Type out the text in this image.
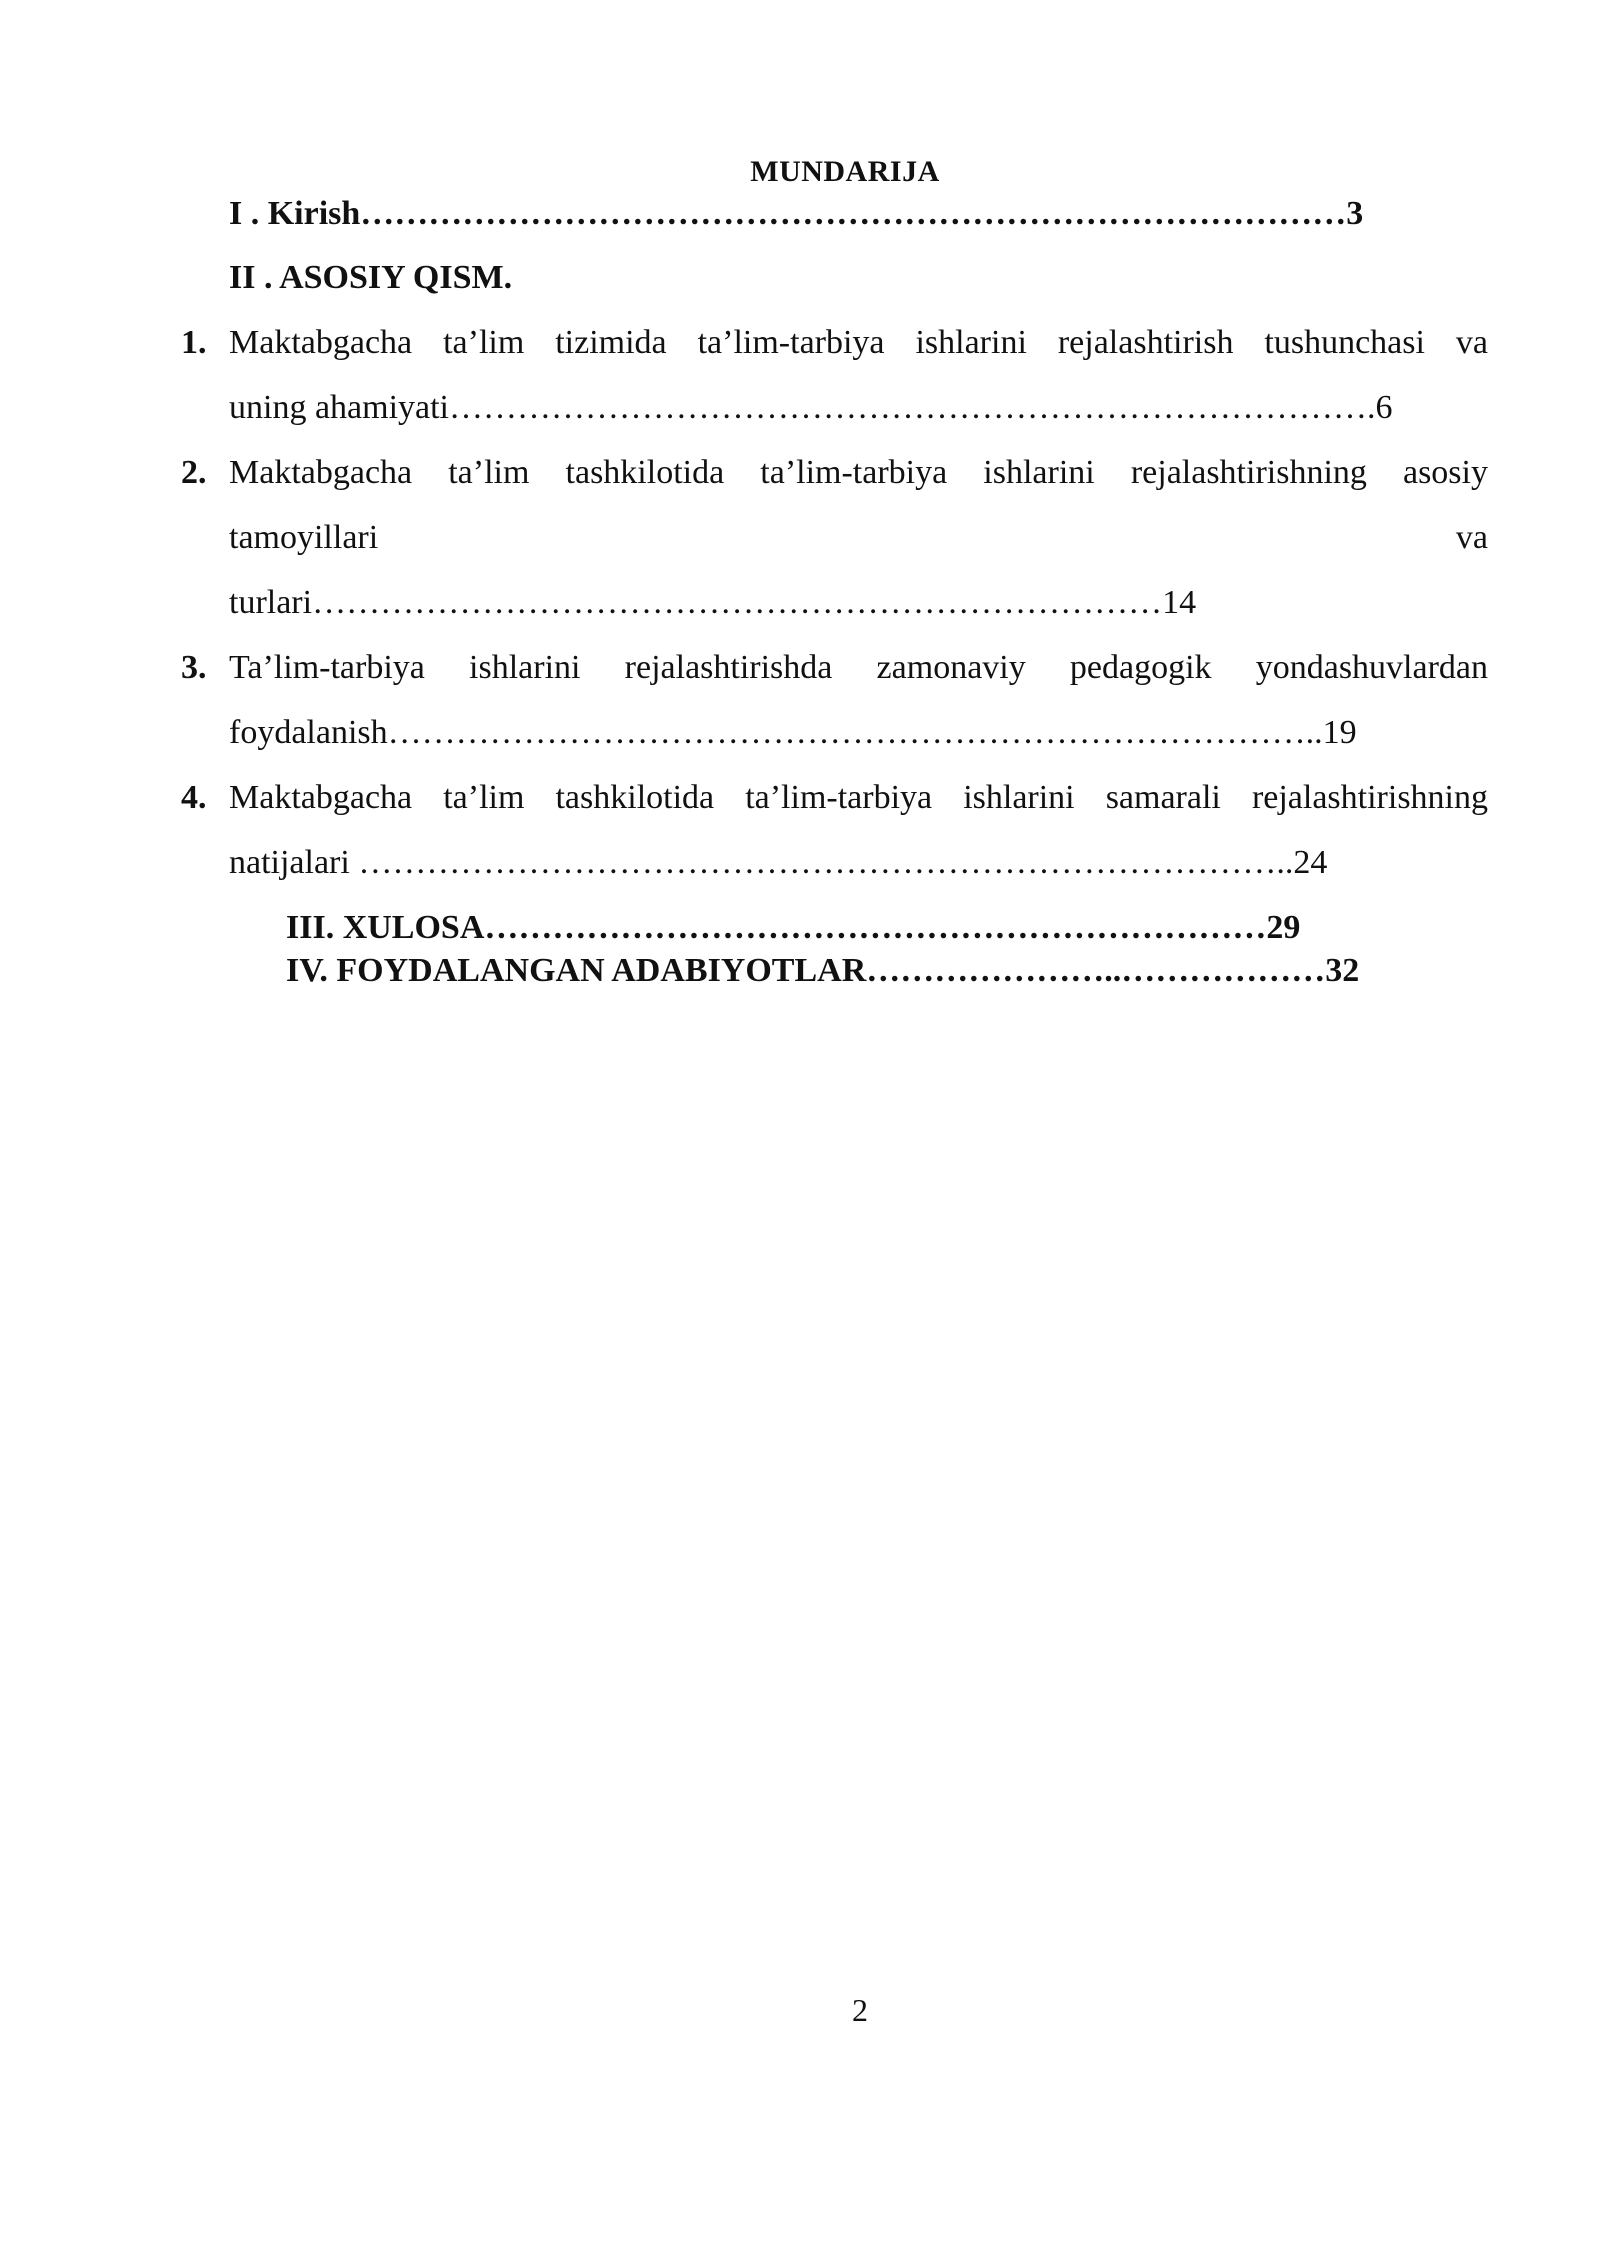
MUNDARIJA
I . Kirish……………………………………………………………………………3
II . ASOSIY QISM.
1. Maktabgacha ta’lim tizimida ta’lim-tarbiya ishlarini rejalashtirish tushunchasi va
uning ahamiyati……………………………………………………………………….6
2. Maktabgacha ta’lim tashkilotida ta’lim-tarbiya ishlarini rejalashtirishning asosiy
tamoyillari	va
turlari…………………………………………………………………14
3. Ta’lim-tarbiya ishlarini rejalashtirishda zamonaviy pedagogik yondashuvlardan
foydalanish………………………………………………………………………..19
4. Maktabgacha ta’lim tashkilotida ta’lim-tarbiya ishlarini samarali rejalashtirishning
natijalari ………………………………………………………………………..24
III. XULOSA……………………………………………………………29
IV. FOYDALANGAN ADABIYOTLAR…………………..………………32
2
